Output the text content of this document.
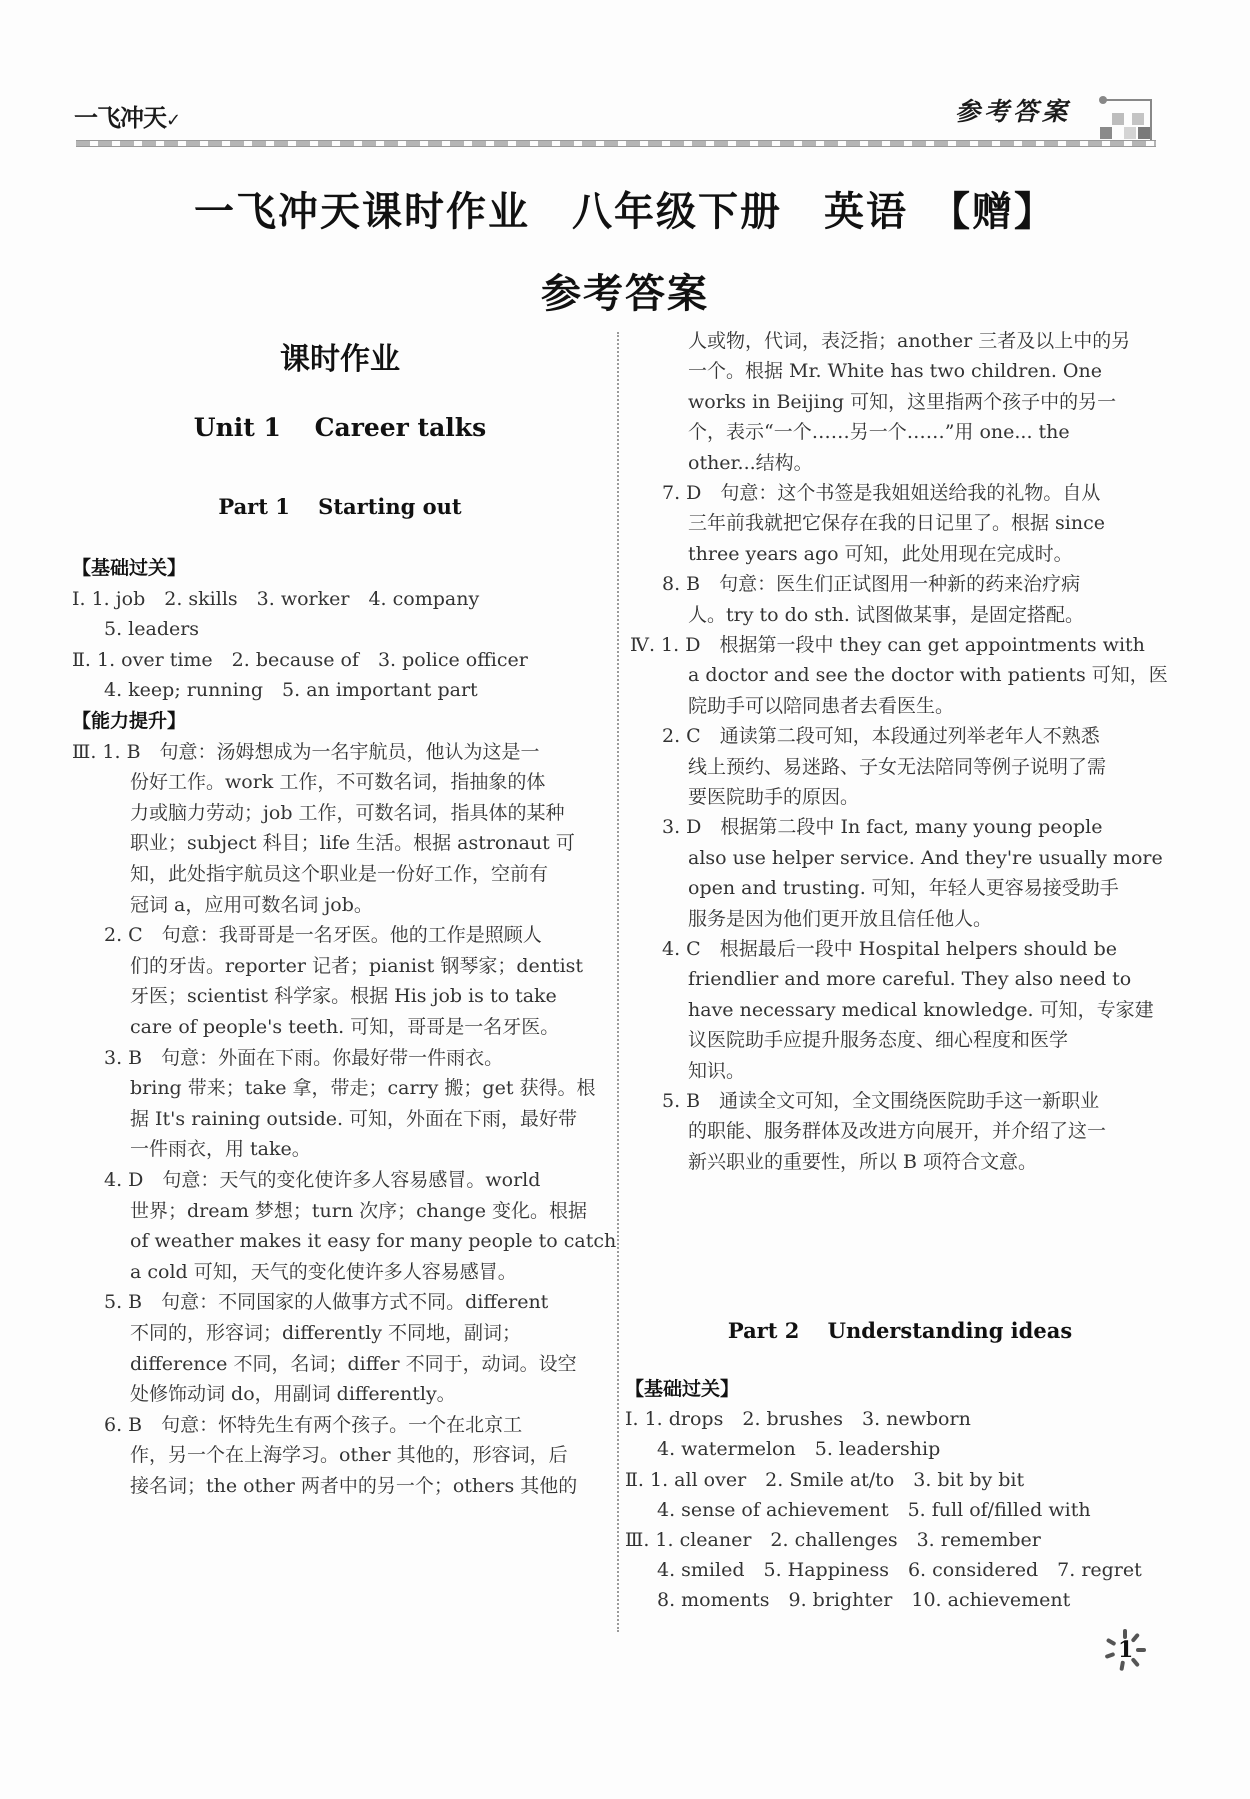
一飞冲天✓	参考答案
一飞冲天课时作业　八年级下册　英语　【赠】
参考答案
课时作业
Unit 1　 Career talks
Part 1　 Starting out
【基础过关】
Ⅰ. 1. job　2. skills　3. worker　4. company
5. leaders
Ⅱ. 1. over time　2. because of　3. police officer
4. keep; running　5. an important part
【能力提升】
Ⅲ. 1. B　句意：汤姆想成为一名宇航员，他认为这是一
份好工作。work 工作，不可数名词，指抽象的体
力或脑力劳动；job 工作，可数名词，指具体的某种
职业；subject 科目；life 生活。根据 astronaut 可
知，此处指宇航员这个职业是一份好工作，空前有
冠词 a，应用可数名词 job。
2. C　句意：我哥哥是一名牙医。他的工作是照顾人
们的牙齿。reporter 记者；pianist 钢琴家；dentist
牙医；scientist 科学家。根据 His job is to take
care of people's teeth. 可知，哥哥是一名牙医。
3. B　句意：外面在下雨。你最好带一件雨衣。
bring 带来；take 拿，带走；carry 搬；get 获得。根
据 It's raining outside. 可知，外面在下雨，最好带
一件雨衣，用 take。
4. D　句意：天气的变化使许多人容易感冒。world
世界；dream 梦想；turn 次序；change 变化。根据
of weather makes it easy for many people to catch
a cold 可知，天气的变化使许多人容易感冒。
5. B　句意：不同国家的人做事方式不同。different
不同的，形容词；differently 不同地，副词；
difference 不同，名词；differ 不同于，动词。设空
处修饰动词 do，用副词 differently。
6. B　句意：怀特先生有两个孩子。一个在北京工
作，另一个在上海学习。other 其他的，形容词，后
接名词；the other 两者中的另一个；others 其他的
人或物，代词，表泛指；another 三者及以上中的另
一个。根据 Mr. White has two children. One
works in Beijing 可知，这里指两个孩子中的另一
个，表示“一个……另一个……”用 one... the
other...结构。
7. D　句意：这个书签是我姐姐送给我的礼物。自从
三年前我就把它保存在我的日记里了。根据 since
three years ago 可知，此处用现在完成时。
8. B　句意：医生们正试图用一种新的药来治疗病
人。try to do sth. 试图做某事，是固定搭配。
Ⅳ. 1. D　根据第一段中 they can get appointments with
a doctor and see the doctor with patients 可知，医
院助手可以陪同患者去看医生。
2. C　通读第二段可知，本段通过列举老年人不熟悉
线上预约、易迷路、子女无法陪同等例子说明了需
要医院助手的原因。
3. D　根据第二段中 In fact, many young people
also use helper service. And they're usually more
open and trusting. 可知，年轻人更容易接受助手
服务是因为他们更开放且信任他人。
4. C　根据最后一段中 Hospital helpers should be
friendlier and more careful. They also need to
have necessary medical knowledge. 可知，专家建
议医院助手应提升服务态度、细心程度和医学
知识。
5. B　通读全文可知，全文围绕医院助手这一新职业
的职能、服务群体及改进方向展开，并介绍了这一
新兴职业的重要性，所以 B 项符合文意。
Part 2　 Understanding ideas
【基础过关】
Ⅰ. 1. drops　2. brushes　3. newborn
4. watermelon　5. leadership
Ⅱ. 1. all over　2. Smile at/to　3. bit by bit
4. sense of achievement　5. full of/filled with
Ⅲ. 1. cleaner　2. challenges　3. remember
4. smiled　5. Happiness　6. considered　7. regret
8. moments　9. brighter　10. achievement
1
